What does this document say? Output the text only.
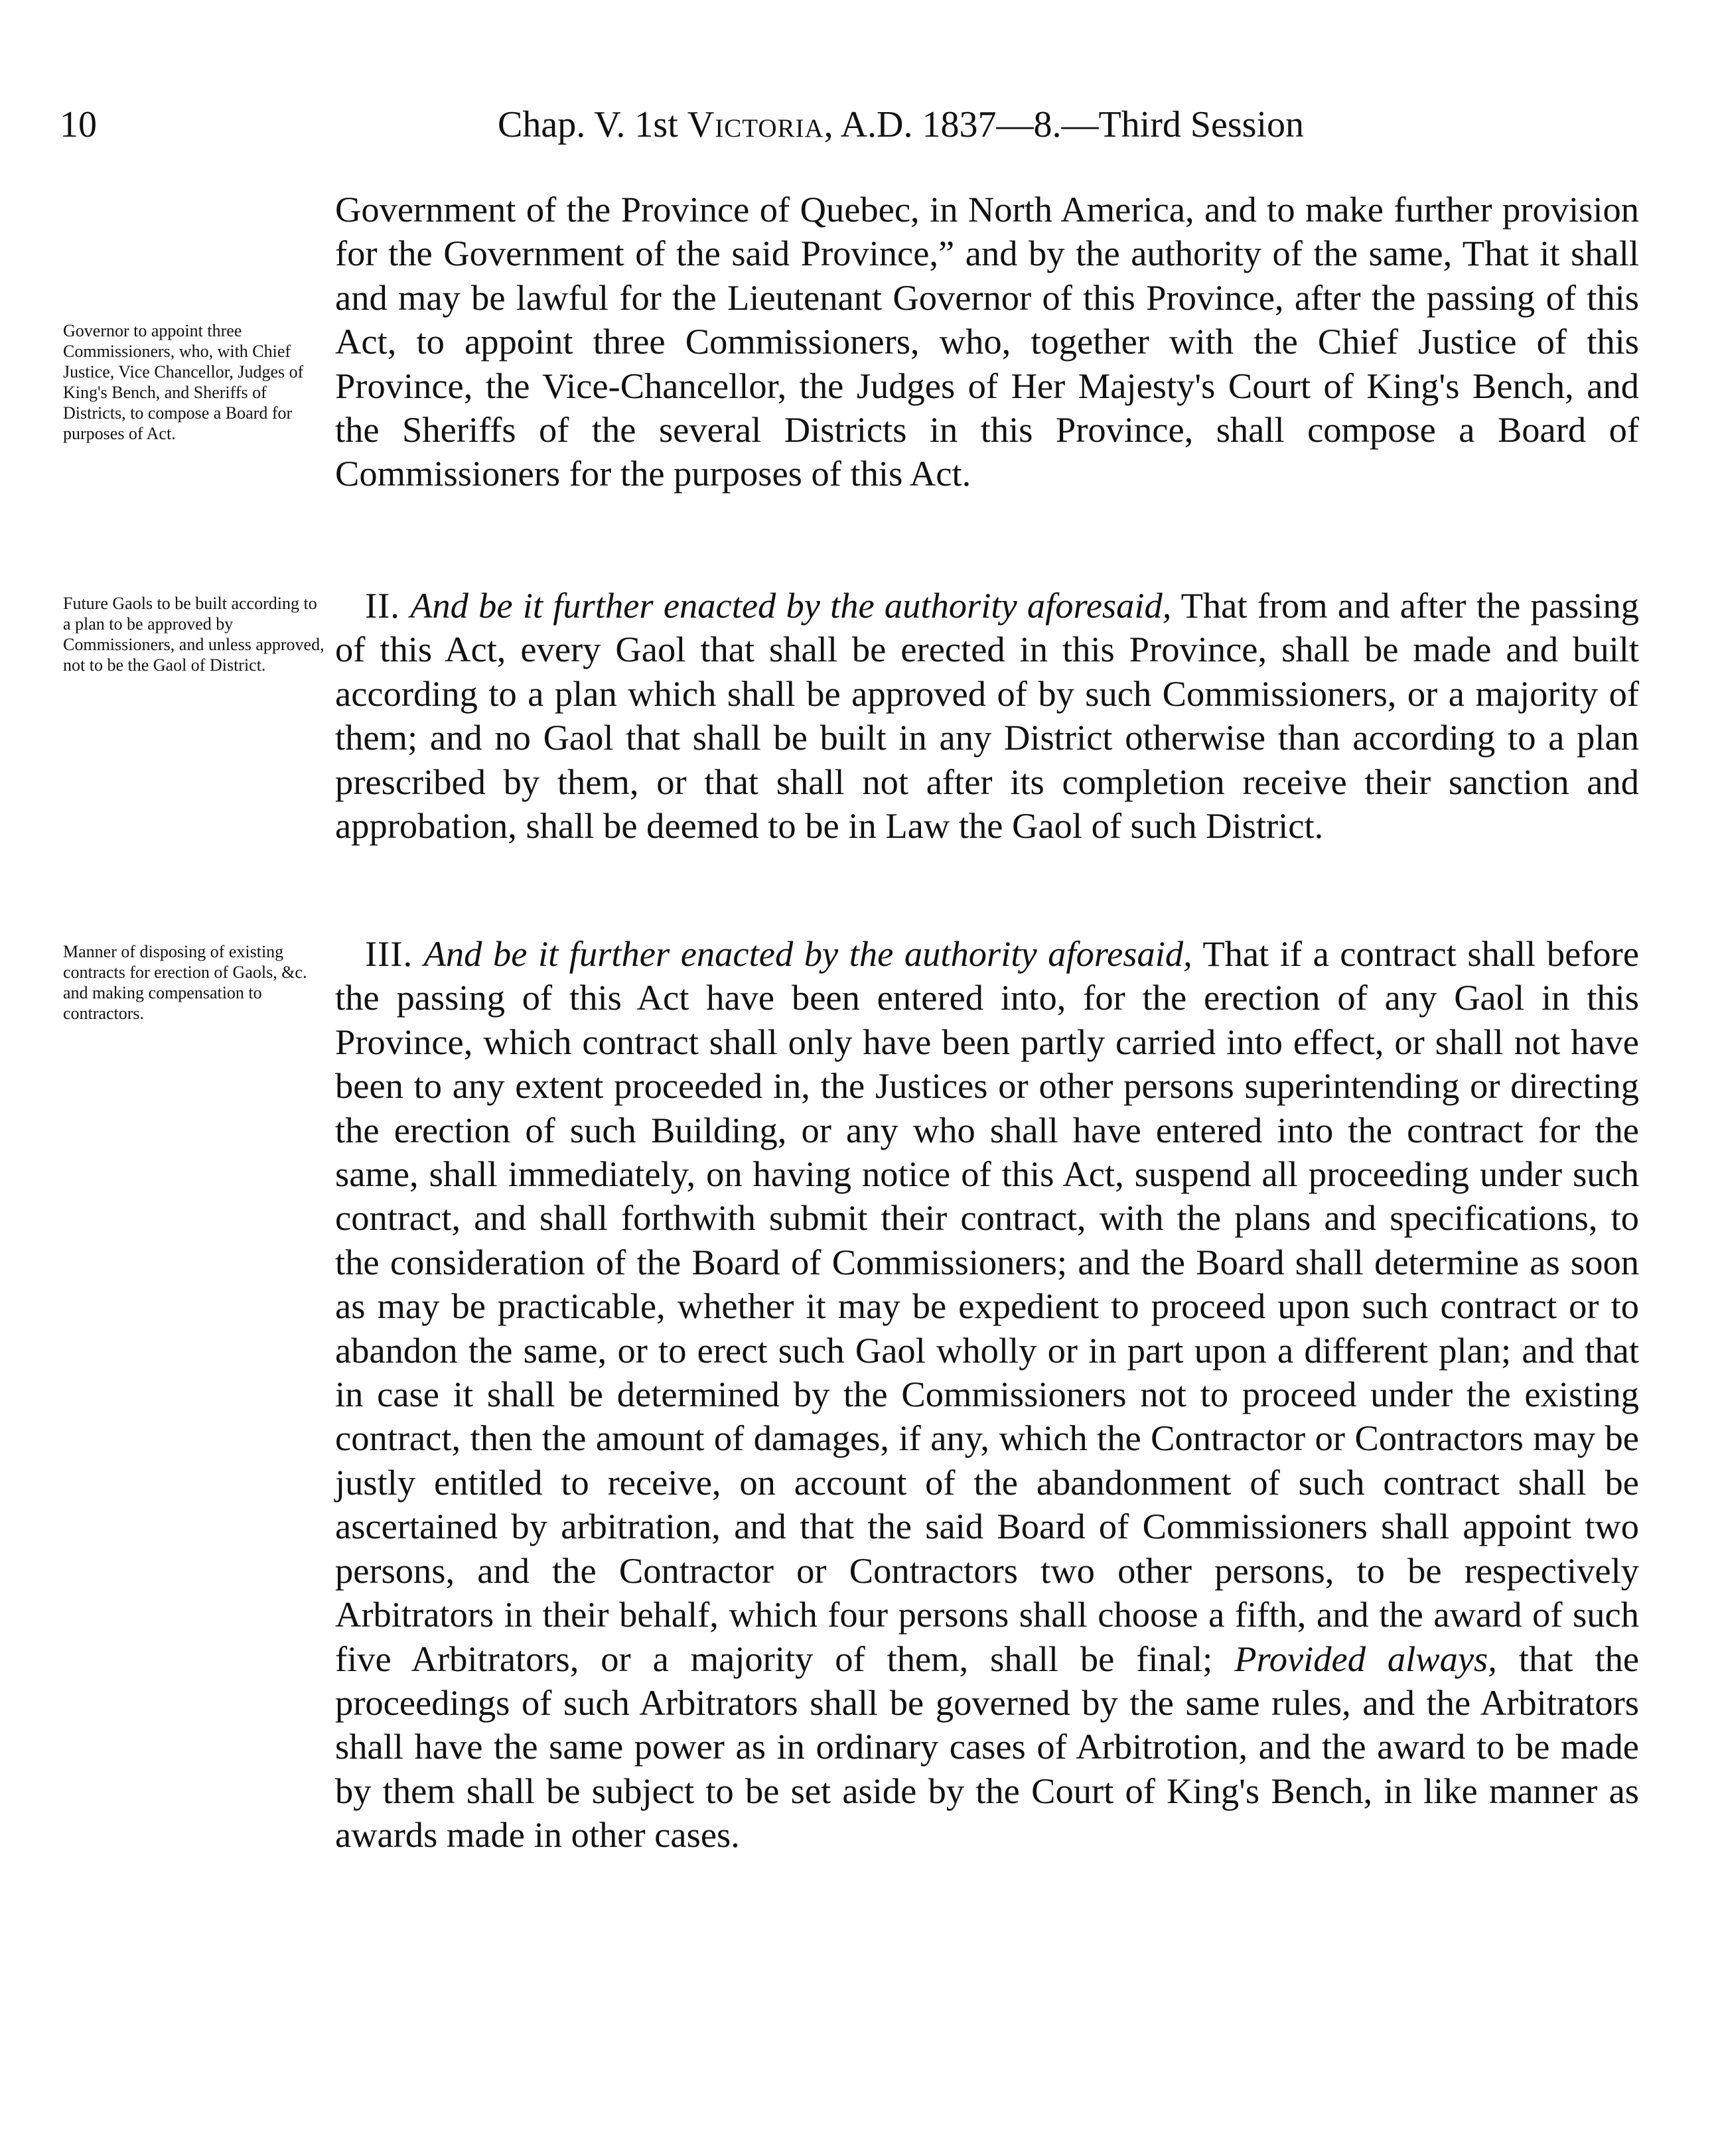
10	Chap. V. 1st Victoria, A.D. 1837—8.—Third Session
Governor to appoint three Commissioners, who, with Chief Justice, Vice Chancellor, Judges of King's Bench, and Sheriffs of Districts, to compose a Board for purposes of Act.
Government of the Province of Quebec, in North America, and to make further provision for the Government of the said Province,” and by the authority of the same, That it shall and may be lawful for the Lieutenant Governor of this Province, after the passing of this Act, to appoint three Commissioners, who, together with the Chief Justice of this Province, the Vice-Chancellor, the Judges of Her Majesty's Court of King's Bench, and the Sheriffs of the several Districts in this Province, shall compose a Board of Commissioners for the purposes of this Act.
Future Gaols to be built according to a plan to be approved by Commissioners, and unless approved, not to be the Gaol of District.
II. And be it further enacted by the authority aforesaid, That from and after the passing of this Act, every Gaol that shall be erected in this Province, shall be made and built according to a plan which shall be approved of by such Commissioners, or a majority of them; and no Gaol that shall be built in any District otherwise than according to a plan prescribed by them, or that shall not after its completion receive their sanction and approbation, shall be deemed to be in Law the Gaol of such District.
Manner of disposing of existing contracts for erection of Gaols, &c. and making compensation to contractors.
III. And be it further enacted by the authority aforesaid, That if a contract shall before the passing of this Act have been entered into, for the erection of any Gaol in this Province, which contract shall only have been partly carried into effect, or shall not have been to any extent proceeded in, the Justices or other persons superintending or directing the erection of such Building, or any who shall have entered into the contract for the same, shall immediately, on having notice of this Act, suspend all proceeding under such contract, and shall forthwith submit their contract, with the plans and specifications, to the consideration of the Board of Commissioners; and the Board shall determine as soon as may be practicable, whether it may be expedient to proceed upon such contract or to abandon the same, or to erect such Gaol wholly or in part upon a different plan; and that in case it shall be determined by the Commissioners not to proceed under the existing contract, then the amount of damages, if any, which the Contractor or Contractors may be justly entitled to receive, on account of the abandonment of such contract shall be ascertained by arbitration, and that the said Board of Commissioners shall appoint two persons, and the Contractor or Contractors two other persons, to be respectively Arbitrators in their behalf, which four persons shall choose a fifth, and the award of such five Arbitrators, or a majority of them, shall be final; Provided always, that the proceedings of such Arbitrators shall be governed by the same rules, and the Arbitrators shall have the same power as in ordinary cases of Arbitrotion, and the award to be made by them shall be subject to be set aside by the Court of King's Bench, in like manner as awards made in other cases.
